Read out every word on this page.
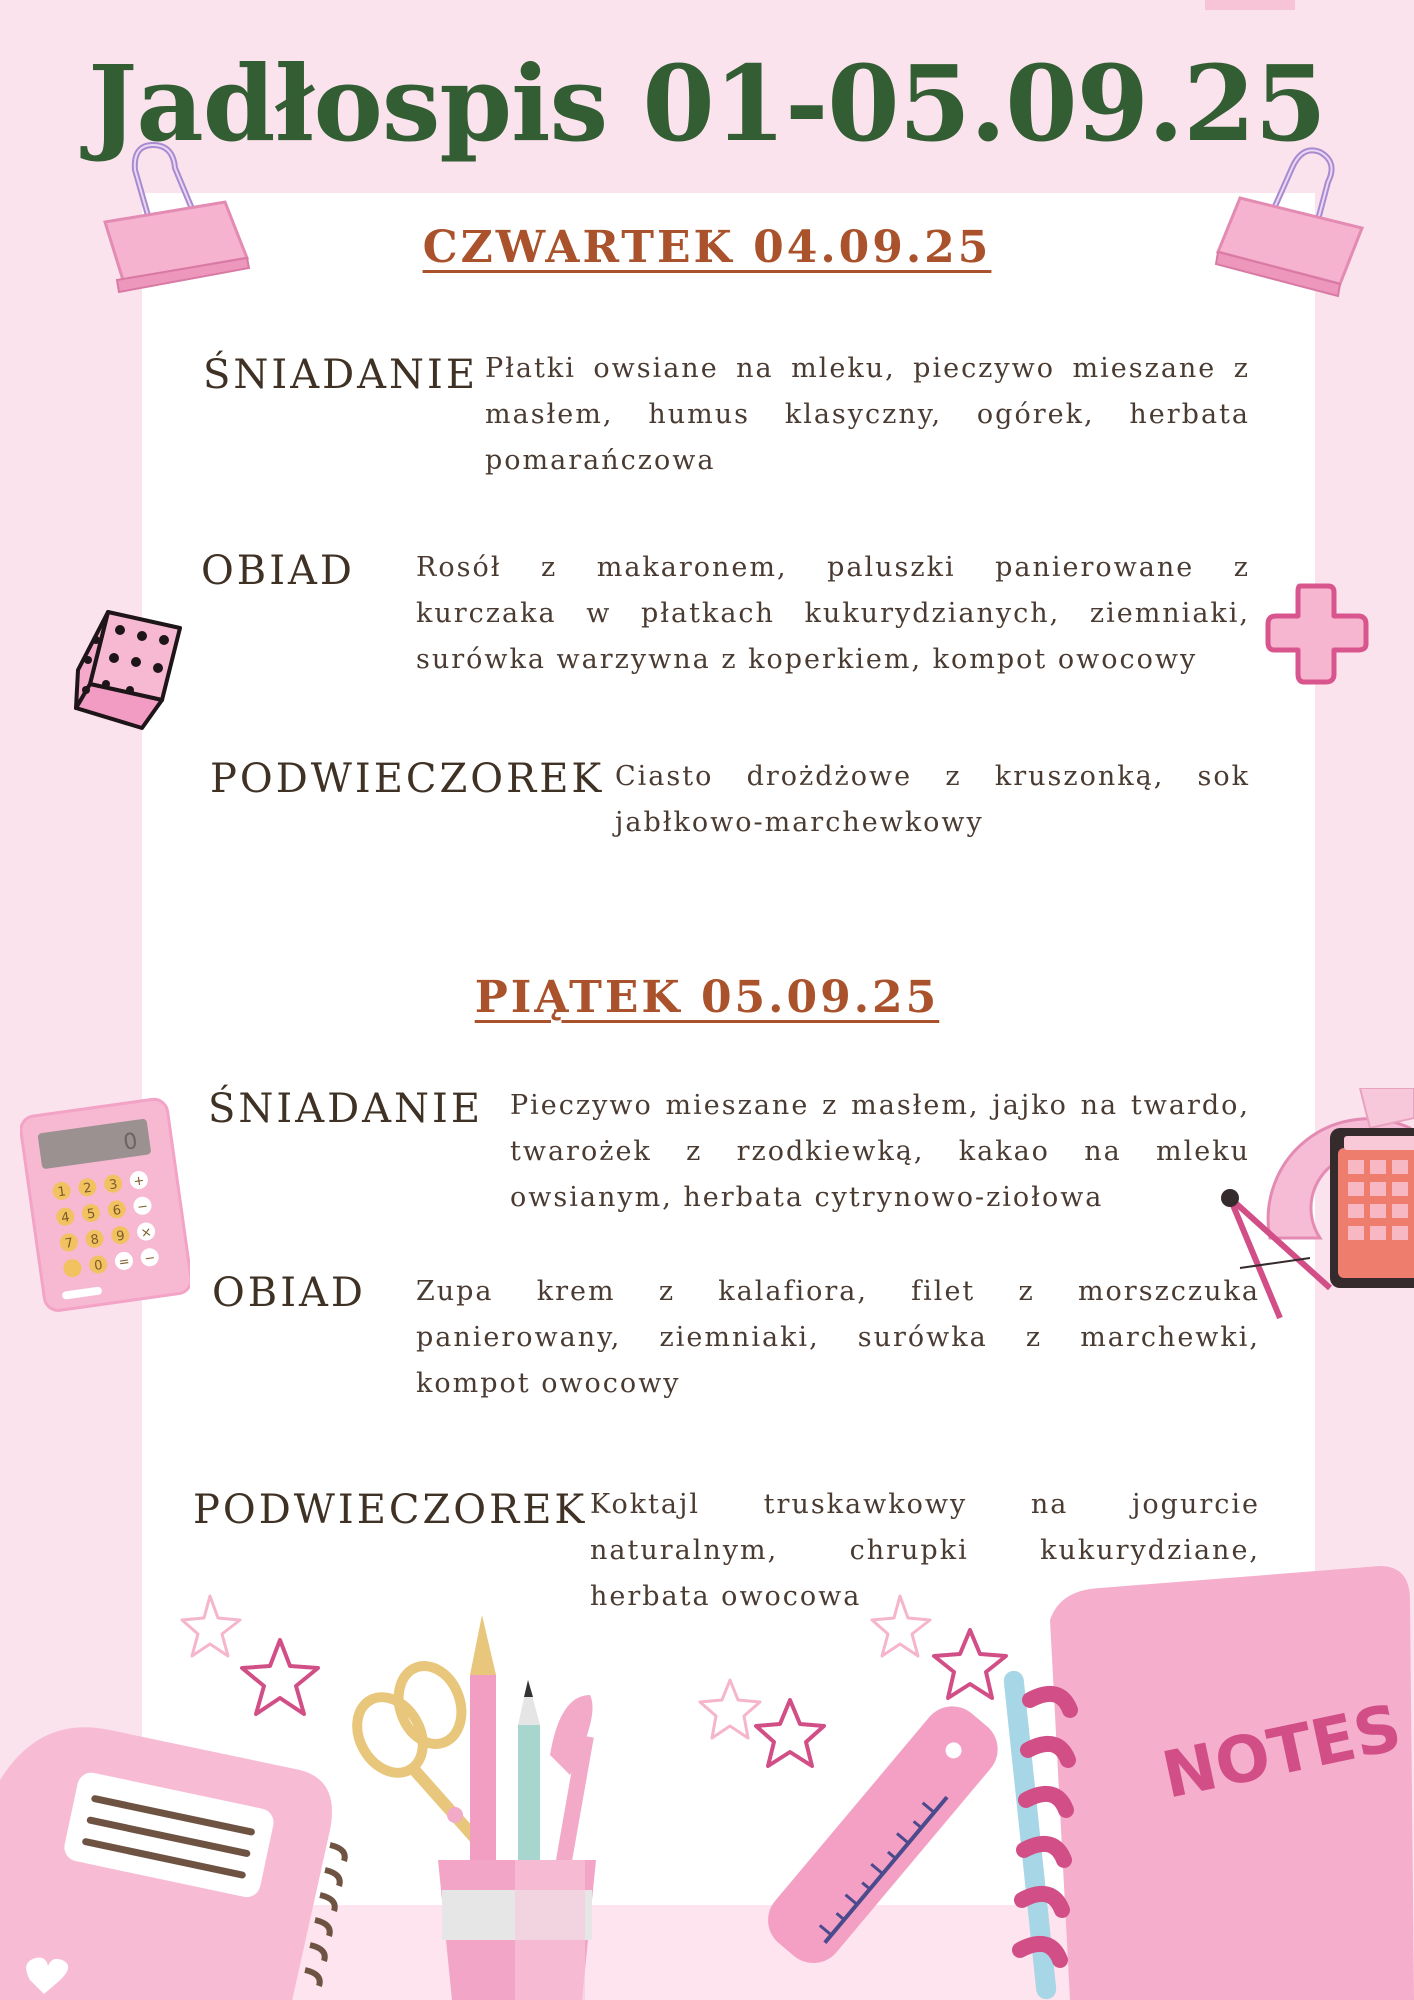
Jadłospis 01-05.09.25
CZWARTEK 04.09.25

ŚNIADANIE Płatki owsiane na mleku, pieczywo mieszane z masłem, humus klasyczny, ogórek, herbata pomarańczowa

OBIAD Rosół z makaronem, paluszki panierowane z kurczaka w płatkach kukurydzianych, ziemniaki, surówka warzywna z koperkiem, kompot owocowy

PODWIECZOREK Ciasto drożdżowe z kruszonką, sok jabłkowo-marchewkowy

PIĄTEK 05.09.25

ŚNIADANIE Pieczywo mieszane z masłem, jajko na twardo, twarożek z rzodkiewką, kakao na mleku owsianym, herbata cytrynowo-ziołowa

OBIAD Zupa krem z kalafiora, filet z morszczuka panierowany, ziemniaki, surówka z marchewki, kompot owocowy

PODWIECZOREK Koktajl truskawkowy na jogurcie naturalnym, chrupki kukurydziane, herbata owocowa

0
1 2 3 +
4 5 6 −
7 8 9 ×
0 = −
NOTES
